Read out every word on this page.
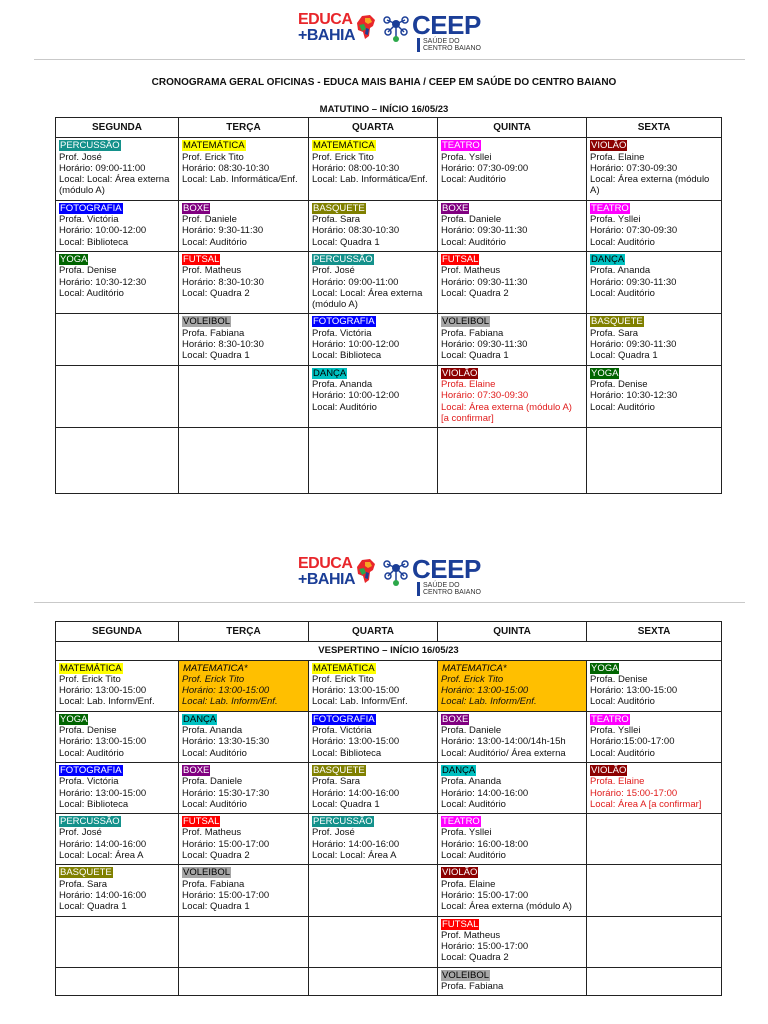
EDUCA
+BAHIA CEEP
SAÚDE DO
CENTRO BAIANO
CRONOGRAMA GERAL OFICINAS - EDUCA MAIS BAHIA / CEEP EM SAÚDE DO CENTRO BAIANO
MATUTINO – INÍCIO 16/05/23
SEGUNDA	TERÇA	QUARTA	QUINTA	SEXTA
PERCUSSÃO
Prof. José
Horário: 09:00-11:00
Local: Local: Área externa (módulo A)	MATEMÁTICA
Prof. Erick Tito
Horário: 08:30-10:30
Local: Lab. Informática/Enf.	MATEMÁTICA
Prof. Erick Tito
Horário: 08:00-10:30
Local: Lab. Informática/Enf.	TEATRO
Profa. Ysllei
Horário: 07:30-09:00
Local: Auditório	VIOLÃO
Profa. Elaine
Horário: 07:30-09:30
Local: Área externa (módulo A)

FOTOGRAFIA
Profa. Victória
Horário: 10:00-12:00
Local: Biblioteca	BOXE
Prof. Daniele
Horário: 9:30-11:30
Local: Auditório	BASQUETE
Profa. Sara
Horário: 08:30-10:30
Local: Quadra 1	BOXE
Profa. Daniele
Horário: 09:30-11:30
Local: Auditório	TEATRO
Profa. Ysllei
Horário: 07:30-09:30
Local: Auditório

YOGA
Profa. Denise
Horário: 10:30-12:30
Local: Auditório	FUTSAL
Prof. Matheus
Horário: 8:30-10:30
Local: Quadra 2	PERCUSSÃO
Prof. José
Horário: 09:00-11:00
Local: Local: Área externa (módulo A)	FUTSAL
Prof. Matheus
Horário: 09:30-11:30
Local: Quadra 2	DANÇA
Profa. Ananda
Horário: 09:30-11:30
Local: Auditório

	VOLEIBOL
Profa. Fabiana
Horário: 8:30-10:30
Local: Quadra 1	FOTOGRAFIA
Profa. Victória
Horário: 10:00-12:00
Local: Biblioteca	VOLEIBOL
Profa. Fabiana
Horário: 09:30-11:30
Local: Quadra 1	BASQUETE
Profa. Sara
Horário: 09:30-11:30
Local: Quadra 1

		DANÇA
Profa. Ananda
Horário: 10:00-12:00
Local: Auditório	VIOLÃO
Profa. Elaine
Horário: 07:30-09:30
Local: Área externa (módulo A)
[a confirmar]	YOGA
Profa. Denise
Horário: 10:30-12:30
Local: Auditório

EDUCA
+BAHIA CEEP
SAÚDE DO
CENTRO BAIANO
SEGUNDA	TERÇA	QUARTA	QUINTA	SEXTA
VESPERTINO – INÍCIO 16/05/23				
MATEMÁTICA
Prof. Erick Tito
Horário: 13:00-15:00
Local: Lab. Inform/Enf.	MATEMATICA*
Prof. Erick Tito
Horário: 13:00-15:00
Local: Lab. Inform/Enf.	MATEMÁTICA
Prof. Erick Tito
Horário: 13:00-15:00
Local: Lab. Inform/Enf.	MATEMATICA*
Prof. Erick Tito
Horário: 13:00-15:00
Local: Lab. Inform/Enf.	YOGA
Profa. Denise
Horário: 13:00-15:00
Local: Auditório

YOGA
Profa. Denise
Horário: 13:00-15:00
Local: Auditório	DANÇA
Profa. Ananda
Horário: 13:30-15:30
Local: Auditório	FOTOGRAFIA
Profa. Victória
Horário: 13:00-15:00
Local: Biblioteca	BOXE
Profa. Daniele
Horário: 13:00-14:00/14h-15h
Local: Auditório/ Área externa	TEATRO
Profa. Ysllei
Horário:15:00-17:00
Local: Auditório

FOTOGRAFIA
Profa. Victória
Horário: 13:00-15:00
Local: Biblioteca	BOXE
Profa. Daniele
Horário: 15:30-17:30
Local: Auditório	BASQUETE
Profa. Sara
Horário: 14:00-16:00
Local: Quadra 1	DANÇA
Profa. Ananda
Horário: 14:00-16:00
Local: Auditório	VIOLÃO
Profa. Elaine
Horário: 15:00-17:00
Local: Área A [a confirmar]

PERCUSSÃO
Prof. José
Horário: 14:00-16:00
Local: Local: Área A	FUTSAL
Prof. Matheus
Horário: 15:00-17:00
Local: Quadra 2	PERCUSSÃO
Prof. José
Horário: 14:00-16:00
Local: Local: Área A	TEATRO
Profa. Ysllei
Horário: 16:00-18:00
Local: Auditório	

BASQUETE
Profa. Sara
Horário: 14:00-16:00
Local: Quadra 1	VOLEIBOL
Profa. Fabiana
Horário: 15:00-17:00
Local: Quadra 1		VIOLÃO
Profa. Elaine
Horário: 15:00-17:00
Local: Área externa (módulo A)	

			FUTSAL
Prof. Matheus
Horário: 15:00-17:00
Local: Quadra 2	

			VOLEIBOL
Profa. Fabiana	
